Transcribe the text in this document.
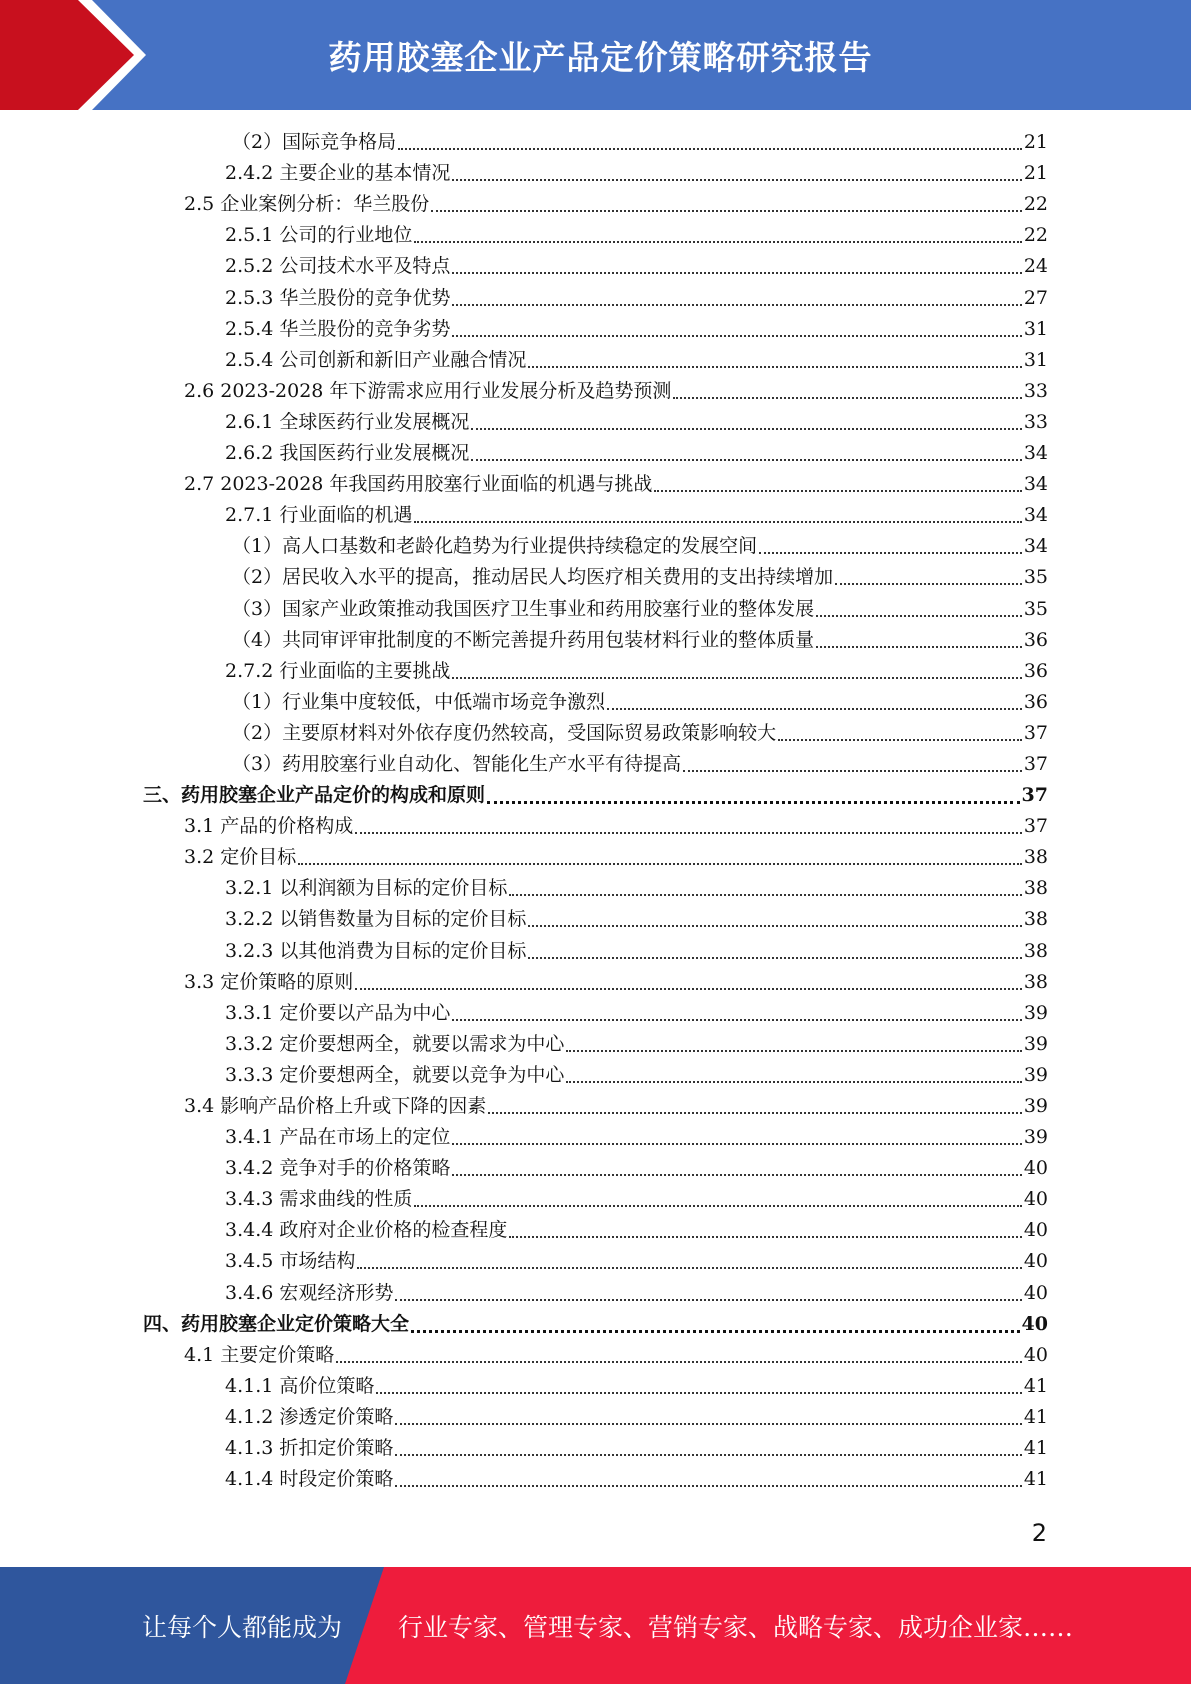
药用胶塞企业产品定价策略研究报告
（2）国际竞争格局	21
2.4.2 主要企业的基本情况	21
2.5 企业案例分析：华兰股份	22
2.5.1 公司的行业地位	22
2.5.2 公司技术水平及特点	24
2.5.3 华兰股份的竞争优势	27
2.5.4 华兰股份的竞争劣势	31
2.5.4 公司创新和新旧产业融合情况	31
2.6 2023-2028 年下游需求应用行业发展分析及趋势预测	33
2.6.1 全球医药行业发展概况	33
2.6.2 我国医药行业发展概况	34
2.7 2023-2028 年我国药用胶塞行业面临的机遇与挑战	34
2.7.1 行业面临的机遇	34
（1）高人口基数和老龄化趋势为行业提供持续稳定的发展空间	34
（2）居民收入水平的提高，推动居民人均医疗相关费用的支出持续增加	35
（3）国家产业政策推动我国医疗卫生事业和药用胶塞行业的整体发展	35
（4）共同审评审批制度的不断完善提升药用包装材料行业的整体质量	36
2.7.2 行业面临的主要挑战	36
（1）行业集中度较低，中低端市场竞争激烈	36
（2）主要原材料对外依存度仍然较高，受国际贸易政策影响较大	37
（3）药用胶塞行业自动化、智能化生产水平有待提高	37
三、药用胶塞企业产品定价的构成和原则	37
3.1 产品的价格构成	37
3.2 定价目标	38
3.2.1 以利润额为目标的定价目标	38
3.2.2 以销售数量为目标的定价目标	38
3.2.3 以其他消费为目标的定价目标	38
3.3 定价策略的原则	38
3.3.1 定价要以产品为中心	39
3.3.2 定价要想两全，就要以需求为中心	39
3.3.3 定价要想两全，就要以竞争为中心	39
3.4 影响产品价格上升或下降的因素	39
3.4.1 产品在市场上的定位	39
3.4.2 竞争对手的价格策略	40
3.4.3 需求曲线的性质	40
3.4.4 政府对企业价格的检查程度	40
3.4.5 市场结构	40
3.4.6 宏观经济形势	40
四、药用胶塞企业定价策略大全	40
4.1 主要定价策略	40
4.1.1 高价位策略	41
4.1.2 渗透定价策略	41
4.1.3 折扣定价策略	41
4.1.4 时段定价策略	41
2
让每个人都能成为 行业专家、管理专家、营销专家、战略专家、成功企业家……
